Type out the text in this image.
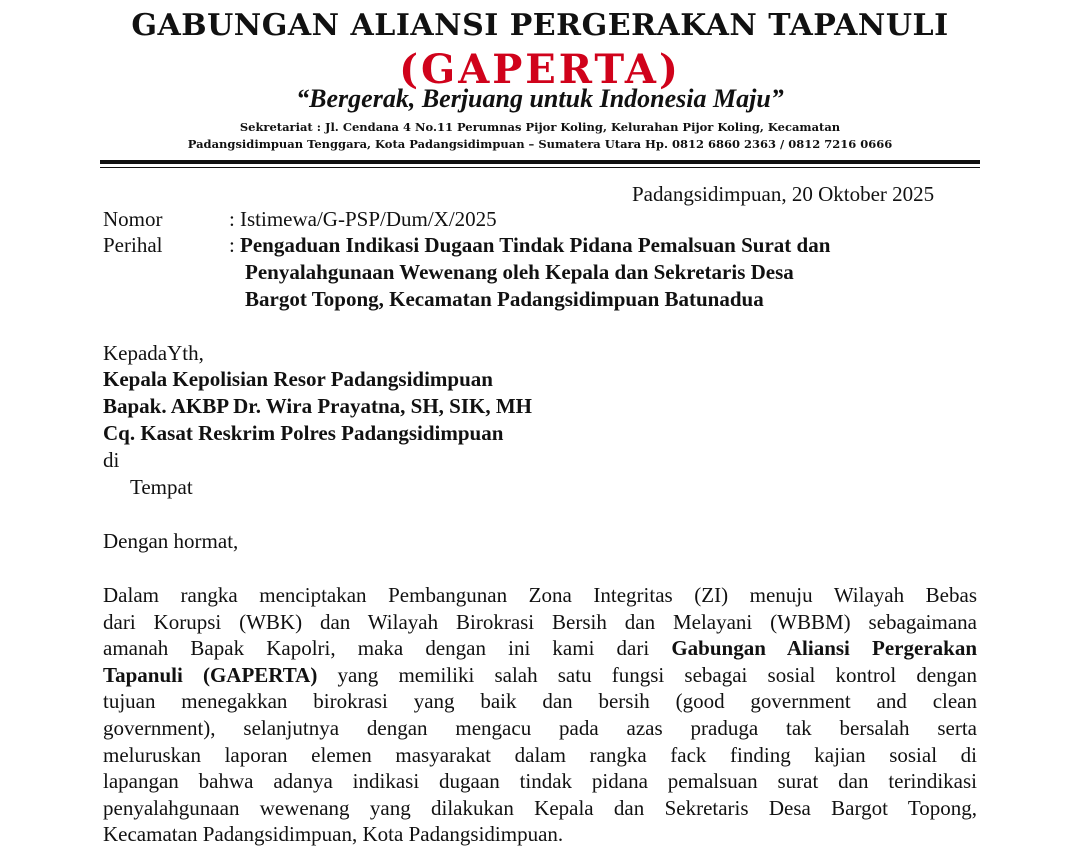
GABUNGAN ALIANSI PERGERAKAN TAPANULI
(GAPERTA)
“Bergerak, Berjuang untuk Indonesia Maju”
Sekretariat : Jl. Cendana 4 No.11 Perumnas Pijor Koling, Kelurahan Pijor Koling, Kecamatan
Padangsidimpuan Tenggara, Kota Padangsidimpuan – Sumatera Utara Hp. 0812 6860 2363 / 0812 7216 0666
Padangsidimpuan, 20 Oktober 2025
Nomor	: Istimewa/G-PSP/Dum/X/2025
Perihal	: Pengaduan Indikasi Dugaan Tindak Pidana Pemalsuan Surat dan
Penyalahgunaan Wewenang oleh Kepala dan Sekretaris Desa
Bargot Topong, Kecamatan Padangsidimpuan Batunadua
KepadaYth,
Kepala Kepolisian Resor Padangsidimpuan
Bapak. AKBP Dr. Wira Prayatna, SH, SIK, MH
Cq. Kasat Reskrim Polres Padangsidimpuan
di
Tempat
Dengan hormat,
Dalam rangka menciptakan Pembangunan Zona Integritas (ZI) menuju Wilayah Bebas
dari Korupsi (WBK) dan Wilayah Birokrasi Bersih dan Melayani (WBBM) sebagaimana
amanah Bapak Kapolri, maka dengan ini kami dari Gabungan Aliansi Pergerakan
Tapanuli (GAPERTA) yang memiliki salah satu fungsi sebagai sosial kontrol dengan
tujuan menegakkan birokrasi yang baik dan bersih (good government and clean
government), selanjutnya dengan mengacu pada azas praduga tak bersalah serta
meluruskan laporan elemen masyarakat dalam rangka fack finding kajian sosial di
lapangan bahwa adanya indikasi dugaan tindak pidana pemalsuan surat dan terindikasi
penyalahgunaan wewenang yang dilakukan Kepala dan Sekretaris Desa Bargot Topong,
Kecamatan Padangsidimpuan, Kota Padangsidimpuan.
